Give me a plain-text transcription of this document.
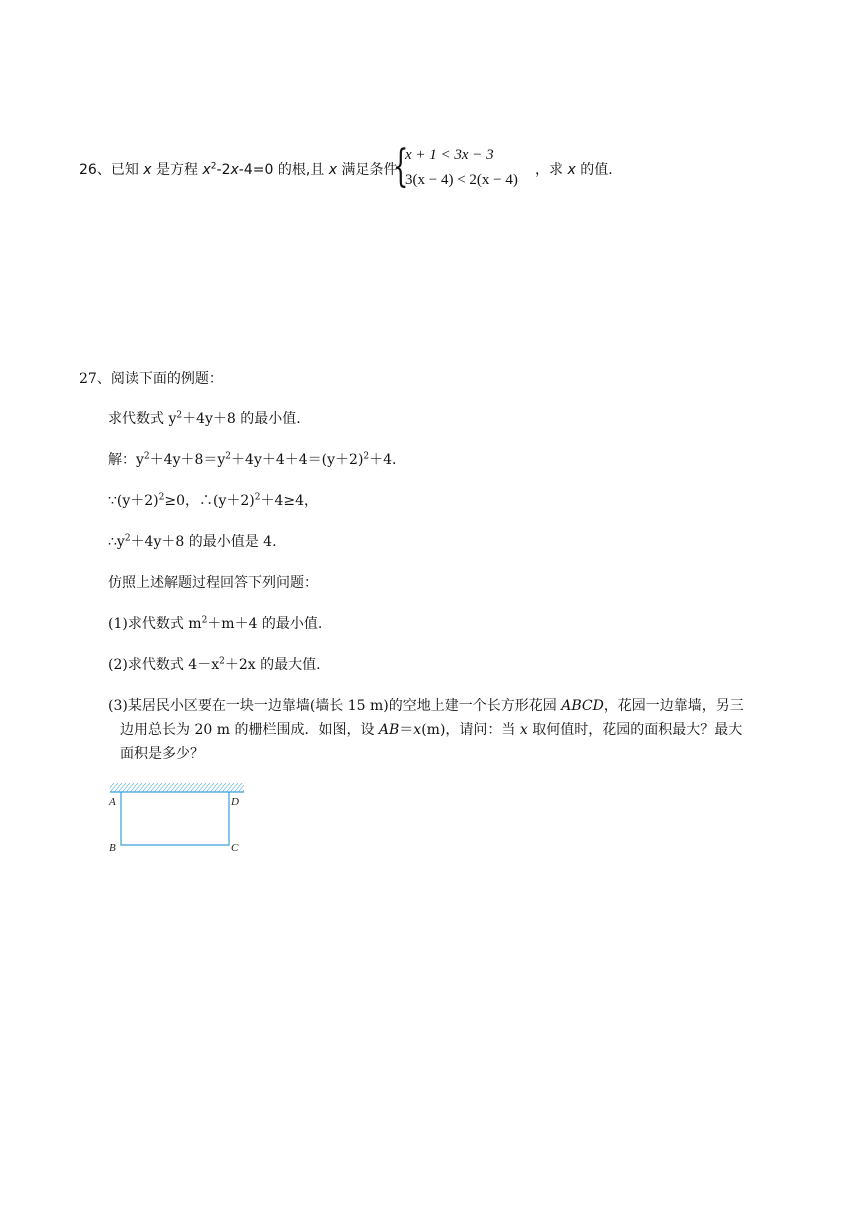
26、已知 x 是方程 $x^2-2x-4=0$ 的根,且 x 满足条件
{
x + 1 < 3x − 3
3(x − 4) < 2(x − 4)
，求 x 的值.
27、阅读下面的例题：
求代数式 $y^2+4y+8$ 的最小值.
解：$y^2+4y+8=y^2+4y+4+4=(y+2)^2+4$.
$\because(y+2)^2\ge 0$，$\therefore(y+2)^2+4\ge 4$，
$\therefore y^2+4y+8$ 的最小值是 4.
仿照上述解题过程回答下列问题：
(1)求代数式 $m^2+m+4$ 的最小值.
(2)求代数式 $4-x^2+2x$ 的最大值.
(3)某居民小区要在一块一边靠墙(墙长 15 m)的空地上建一个长方形花园 ABCD，花园一边靠墙，另三
边用总长为 20 m 的栅栏围成．如图，设 AB＝x(m)，请问：当 x 取何值时，花园的面积最大？最大
面积是多少？
A	D
B	C
